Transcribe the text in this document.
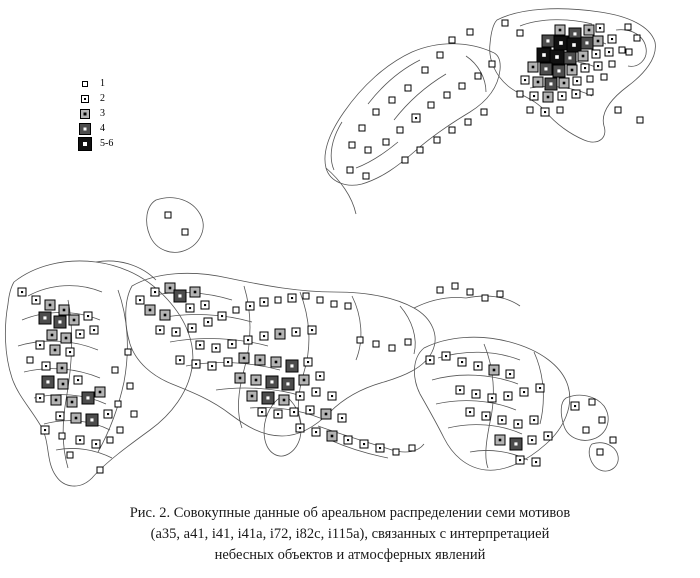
1
2
3
4
5-6
Рис. 2. Совокупные данные об ареальном распределении семи мотивов
(a35, a41, i41, i41a, i72, i82c, i115a), связанных с интерпретацией
небесных объектов и атмосферных явлений
